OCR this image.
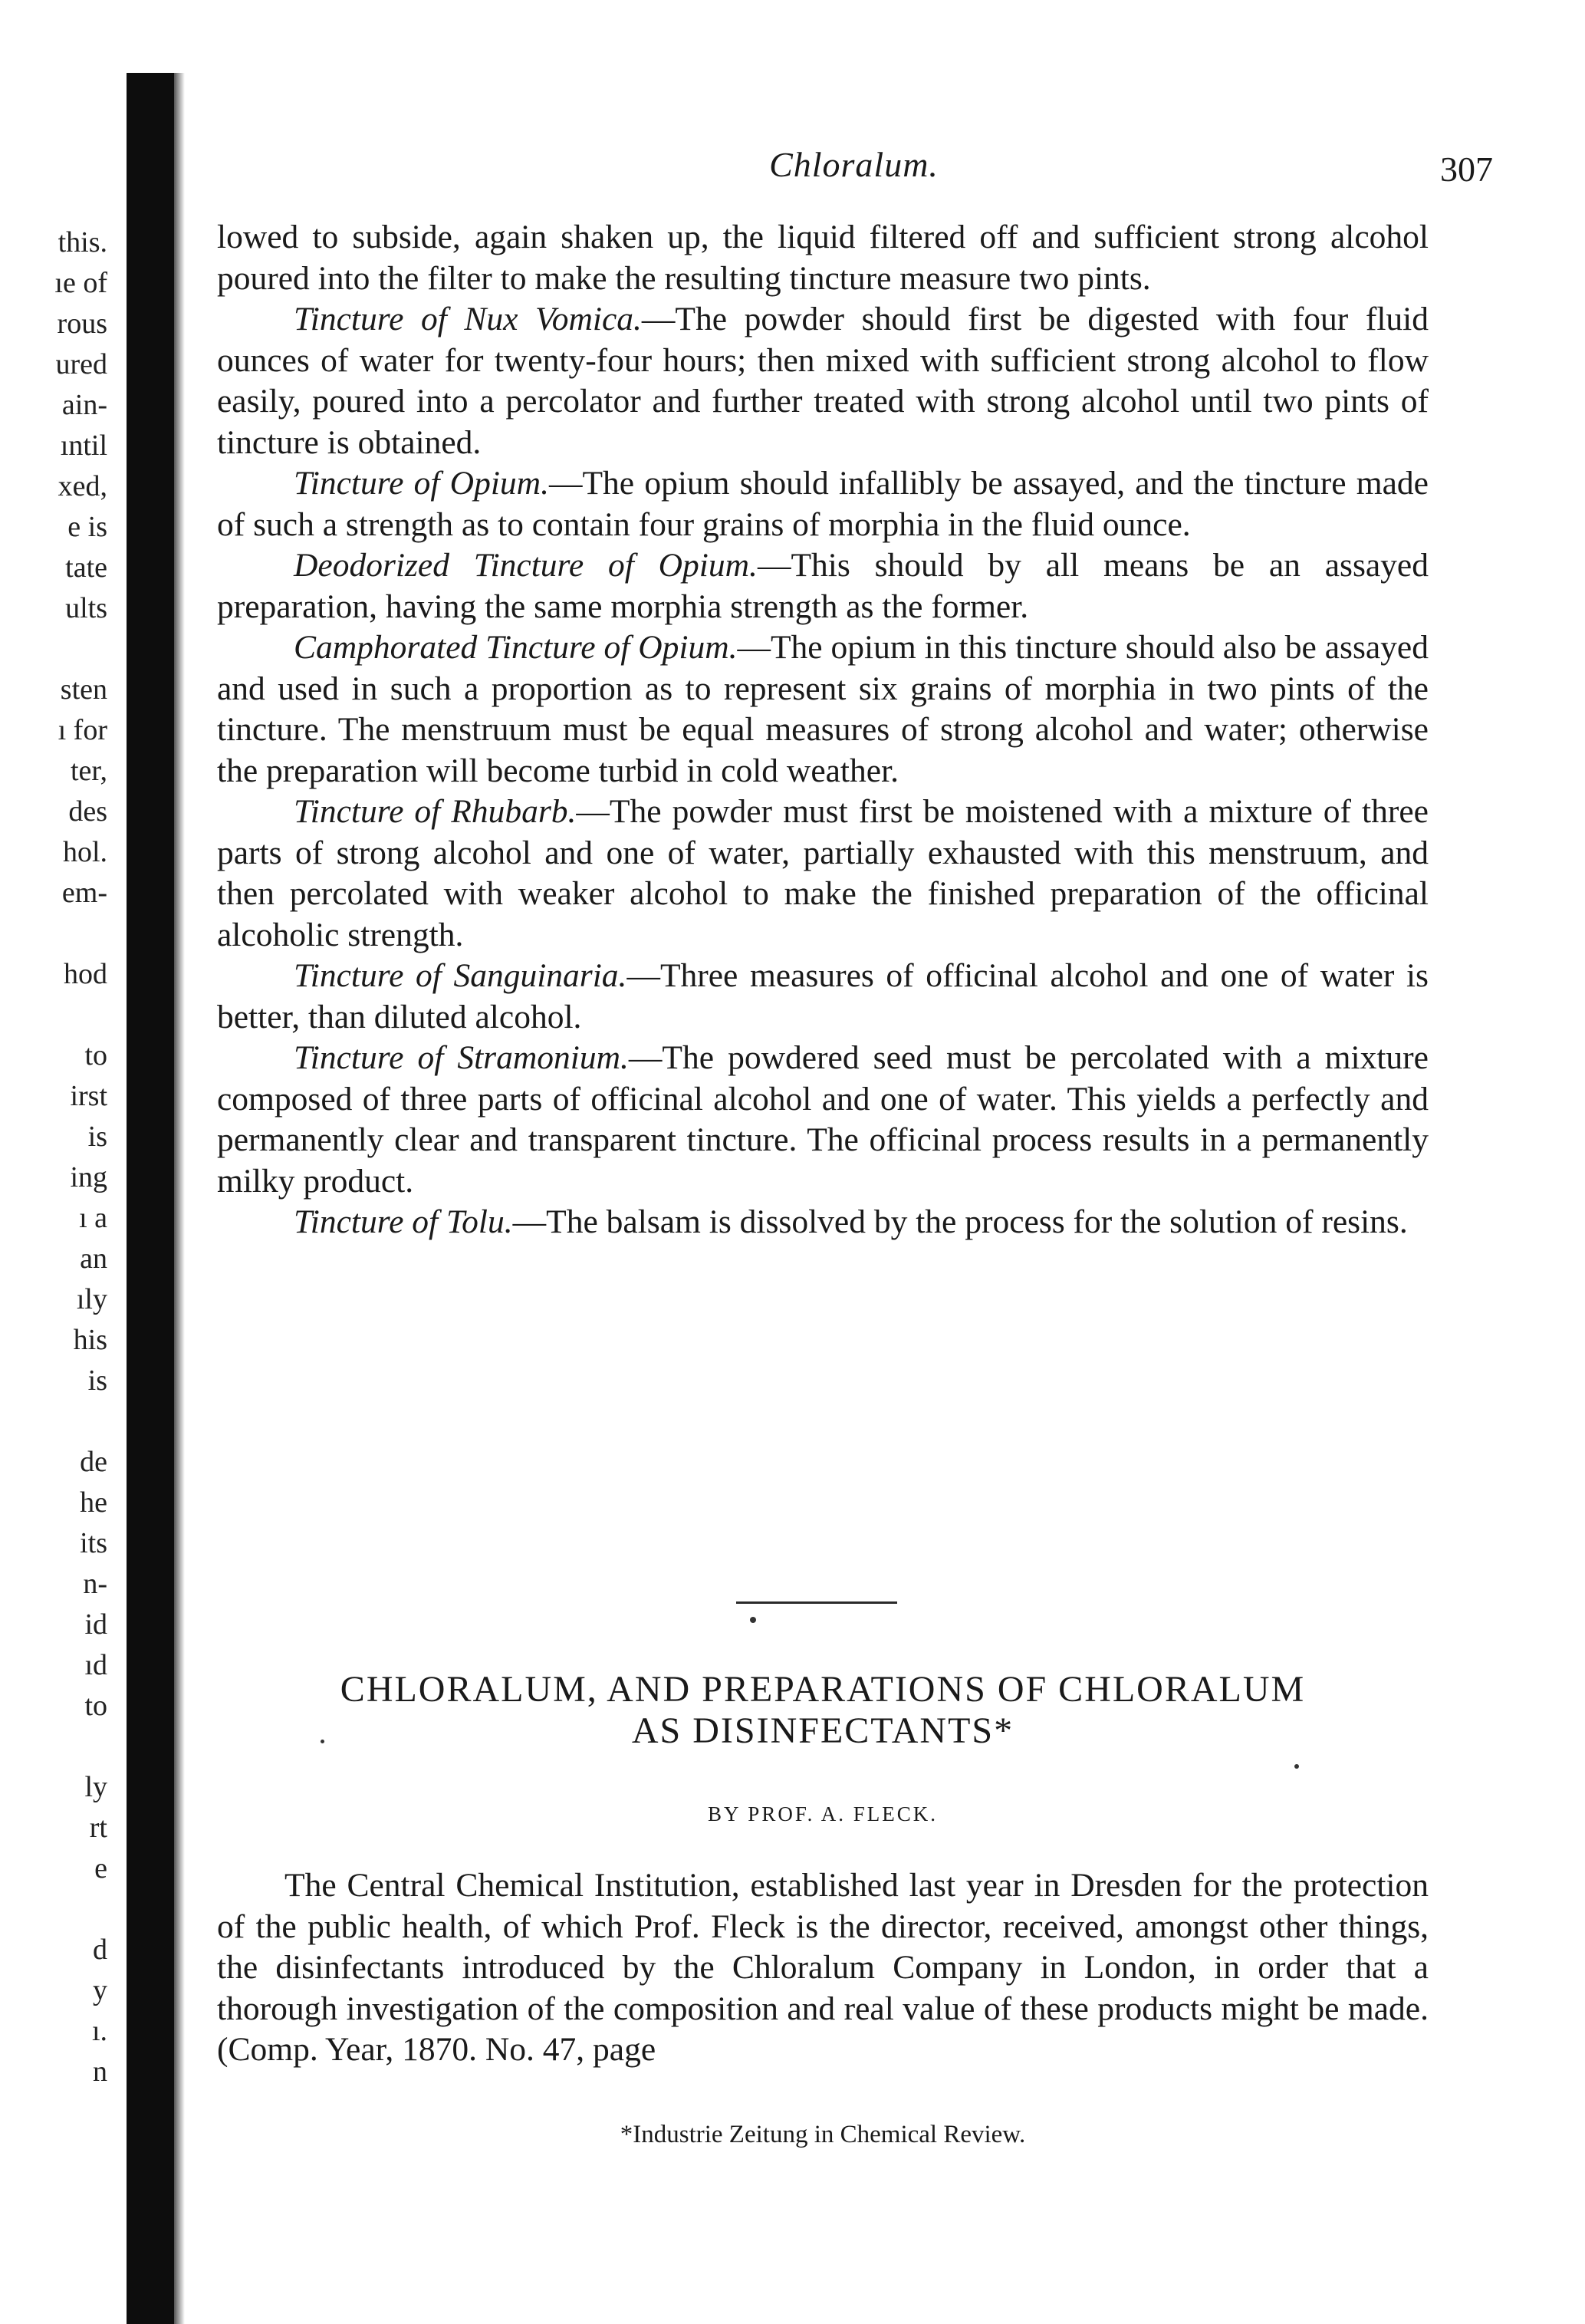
this.
ıe of
rous
ured
ain-
ıntil
xed,
e is
tate
ults
sten
ı for
ter,
des
hol.
em-
hod
to
irst
is
ing
ı a
an
ıly
his
is
de
he
its
n-
id
ıd
to
ly
rt
e
d
y
ı.
n
Chloralum.	307

lowed to subside, again shaken up, the liquid filtered off and sufficient strong alcohol poured into the filter to make the resulting tincture measure two pints.

Tincture of Nux Vomica.—The powder should first be digested with four fluid ounces of water for twenty-four hours; then mixed with sufficient strong alcohol to flow easily, poured into a percolator and further treated with strong alcohol until two pints of tincture is obtained.

Tincture of Opium.—The opium should infallibly be assayed, and the tincture made of such a strength as to contain four grains of morphia in the fluid ounce.

Deodorized Tincture of Opium.—This should by all means be an assayed preparation, having the same morphia strength as the former.

Camphorated Tincture of Opium.—The opium in this tincture should also be assayed and used in such a proportion as to represent six grains of morphia in two pints of the tincture. The menstruum must be equal measures of strong alcohol and water; otherwise the preparation will become turbid in cold weather.

Tincture of Rhubarb.—The powder must first be moistened with a mixture of three parts of strong alcohol and one of water, partially exhausted with this menstruum, and then percolated with weaker alcohol to make the finished preparation of the officinal alcoholic strength.

Tincture of Sanguinaria.—Three measures of officinal alcohol and one of water is better, than diluted alcohol.

Tincture of Stramonium.—The powdered seed must be percolated with a mixture composed of three parts of officinal alcohol and one of water. This yields a perfectly and permanently clear and transparent tincture. The officinal process results in a permanently milky product.

Tincture of Tolu.—The balsam is dissolved by the process for the solution of resins.

CHLORALUM, AND PREPARATIONS OF CHLORALUM
AS DISINFECTANTS*
BY PROF. A. FLECK.

The Central Chemical Institution, established last year in Dresden for the protection of the public health, of which Prof. Fleck is the director, received, amongst other things, the disinfectants introduced by the Chloralum Company in London, in order that a thorough investigation of the composition and real value of these products might be made. (Comp. Year, 1870. No. 47, page

*Industrie Zeitung in Chemical Review.
